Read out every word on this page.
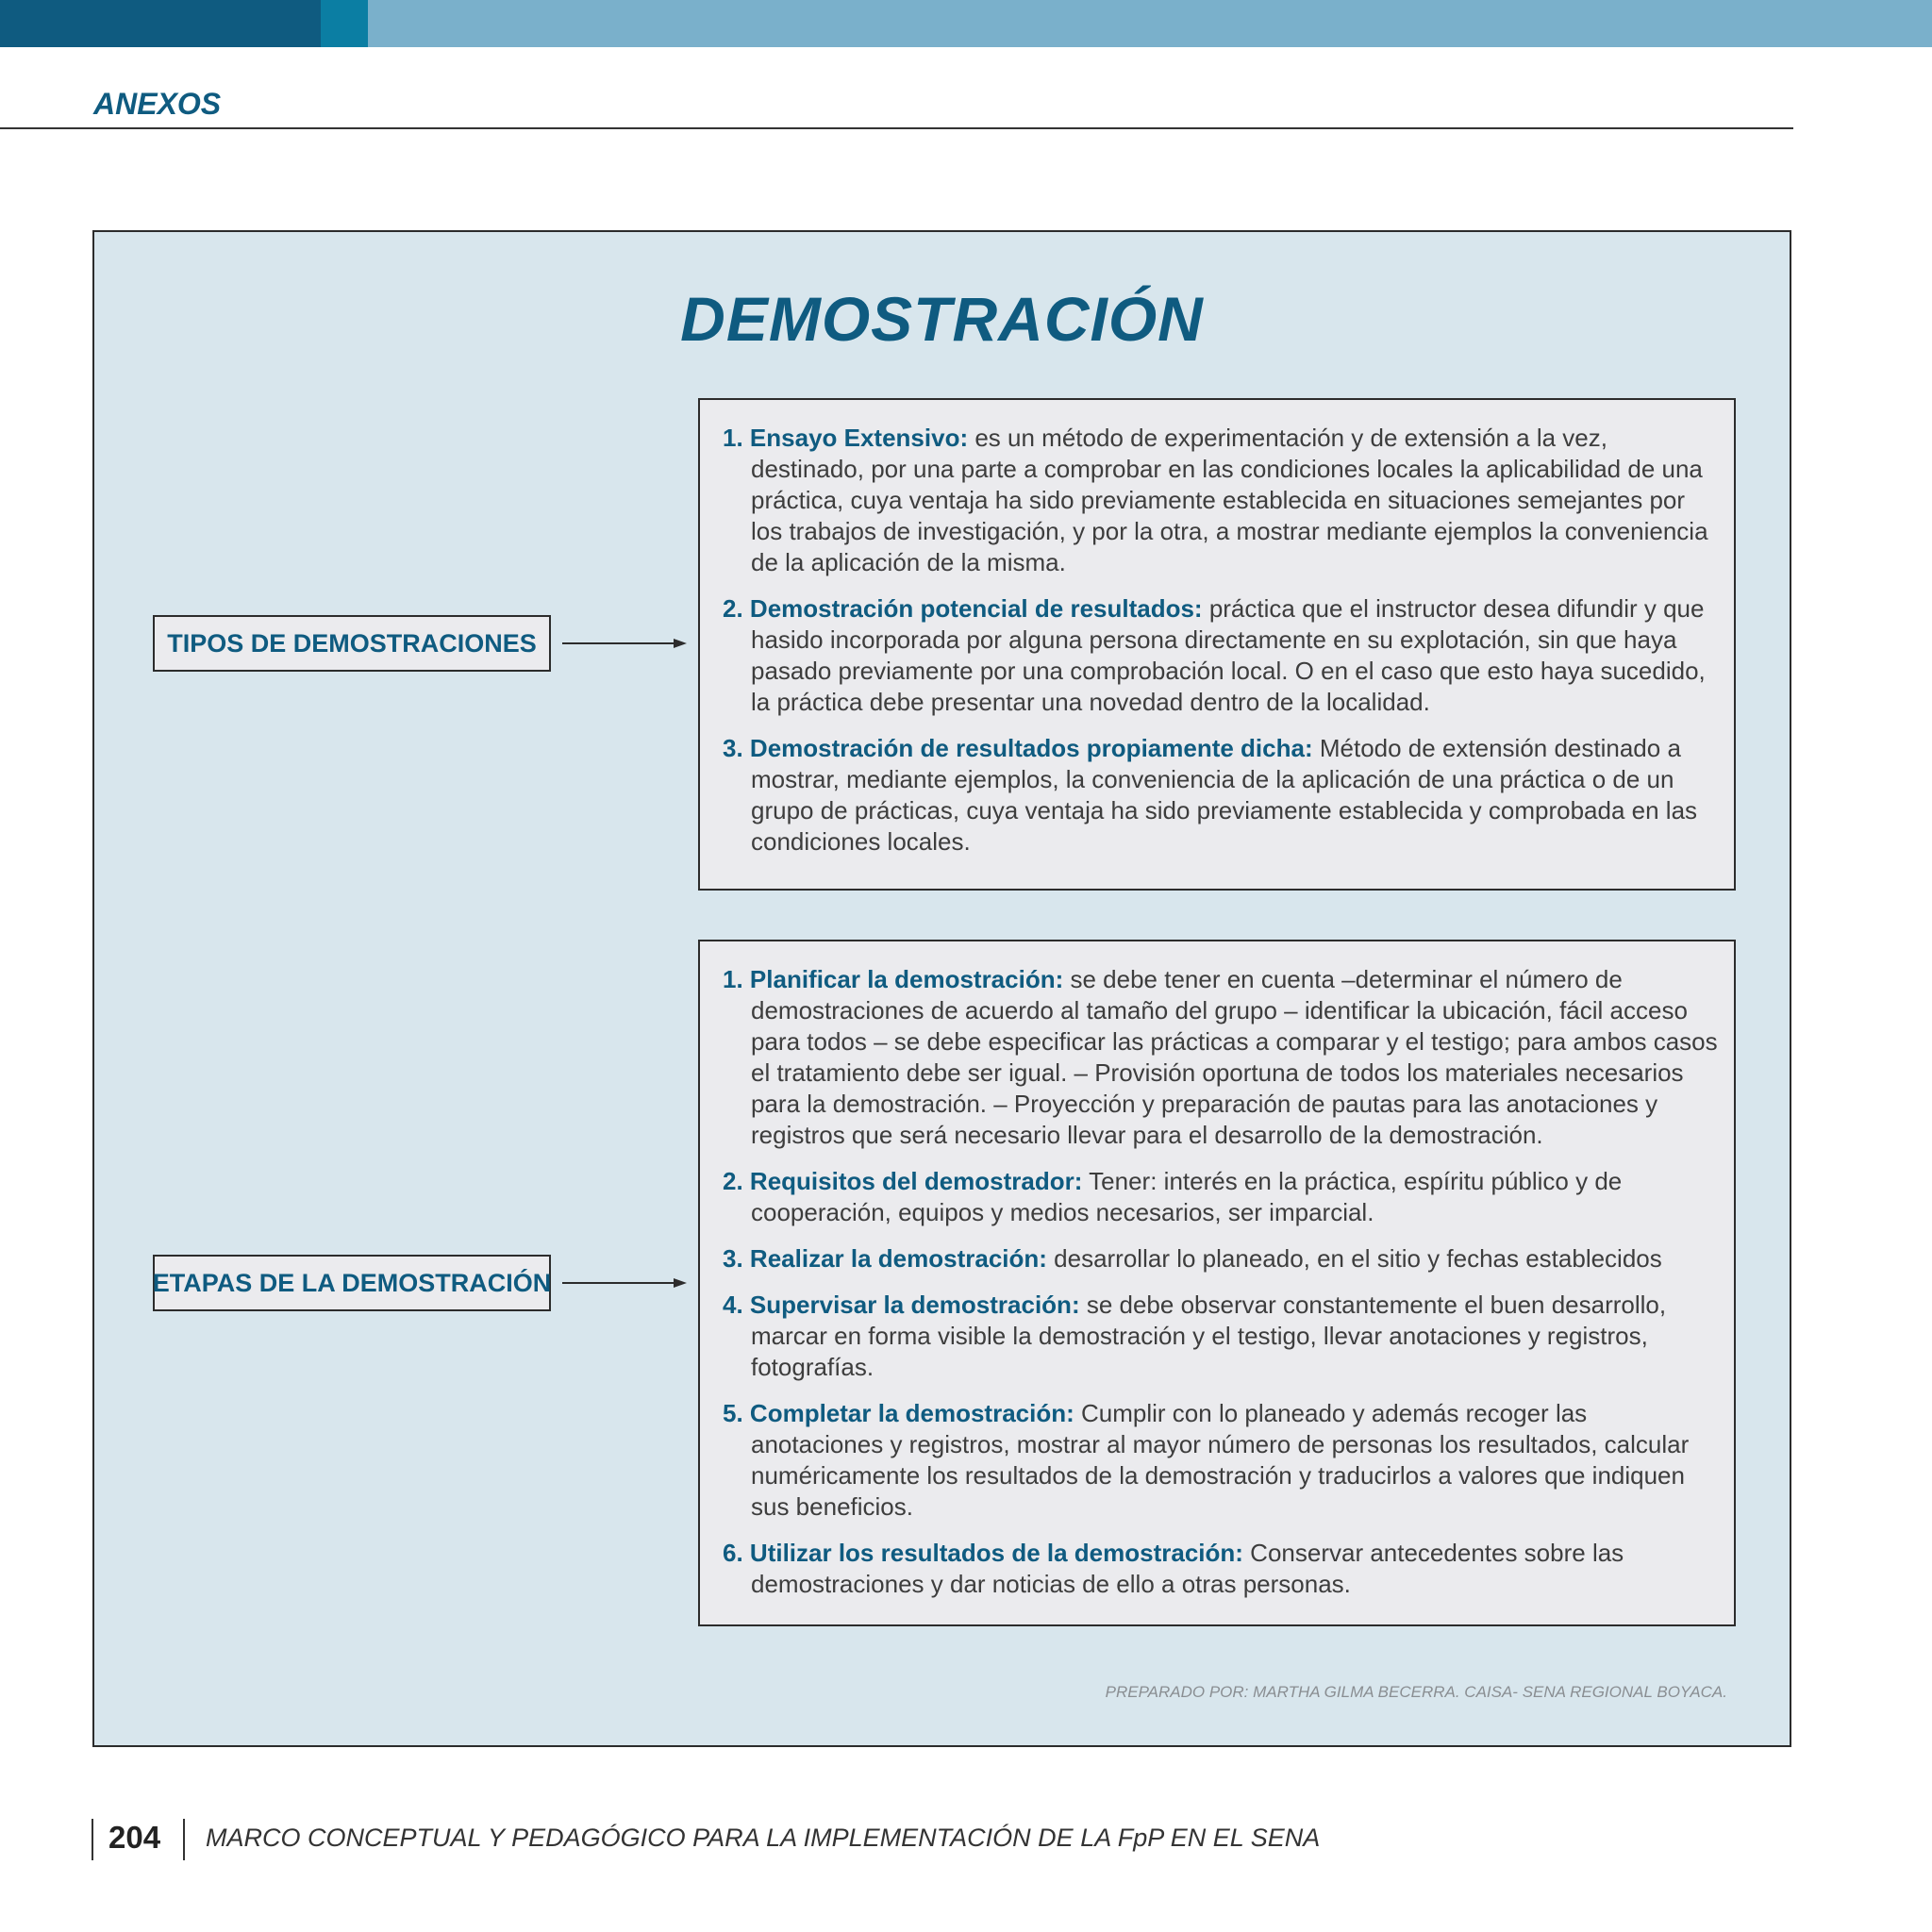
ANEXOS
DEMOSTRACIÓN
TIPOS DE DEMOSTRACIONES
1. Ensayo Extensivo: es un método de experimentación y de extensión a la vez, destinado, por una parte a comprobar en las condiciones locales la aplicabilidad de una práctica, cuya ventaja ha sido previamente establecida en situaciones semejantes por los trabajos de investigación, y por la otra, a mostrar mediante ejemplos la conveniencia de la aplicación de la misma.
2. Demostración potencial de resultados: práctica que el instructor desea difundir y que hasido incorporada por alguna persona directamente en su explotación, sin que haya pasado previamente por una comprobación local. O en el caso que esto haya sucedido, la práctica debe presentar una novedad dentro de la localidad.
3. Demostración de resultados propiamente dicha: Método de extensión destinado a mostrar, mediante ejemplos, la conveniencia de la aplicación de una práctica o de un grupo de prácticas, cuya ventaja ha sido previamente establecida y comprobada en las condiciones locales.
ETAPAS DE LA DEMOSTRACIÓN
1. Planificar la demostración: se debe tener en cuenta –determinar el número de demostraciones de acuerdo al tamaño del grupo – identificar la ubicación, fácil acceso para todos – se debe especificar las prácticas a comparar y el testigo; para ambos casos el tratamiento debe ser igual. – Provisión oportuna de todos los materiales necesarios para la demostración. – Proyección y preparación de pautas para las anotaciones y registros que será necesario llevar para el desarrollo de la demostración.
2. Requisitos del demostrador: Tener: interés en la práctica, espíritu público y de cooperación, equipos y medios necesarios, ser imparcial.
3. Realizar la demostración: desarrollar lo planeado, en el sitio y fechas establecidos
4. Supervisar la demostración: se debe observar constantemente el buen desarrollo, marcar en forma visible la demostración y el testigo, llevar anotaciones y registros, fotografías.
5. Completar la demostración: Cumplir con lo planeado y además recoger las anotaciones y registros, mostrar al mayor número de personas los resultados, calcular numéricamente los resultados de la demostración y traducirlos a valores que indiquen sus beneficios.
6. Utilizar los resultados de la demostración: Conservar antecedentes sobre las demostraciones y dar noticias de ello a otras personas.
PREPARADO POR: MARTHA GILMA BECERRA. CAISA- SENA REGIONAL BOYACA.
204 MARCO CONCEPTUAL Y PEDAGÓGICO PARA LA IMPLEMENTACIÓN DE LA FpP EN EL SENA
